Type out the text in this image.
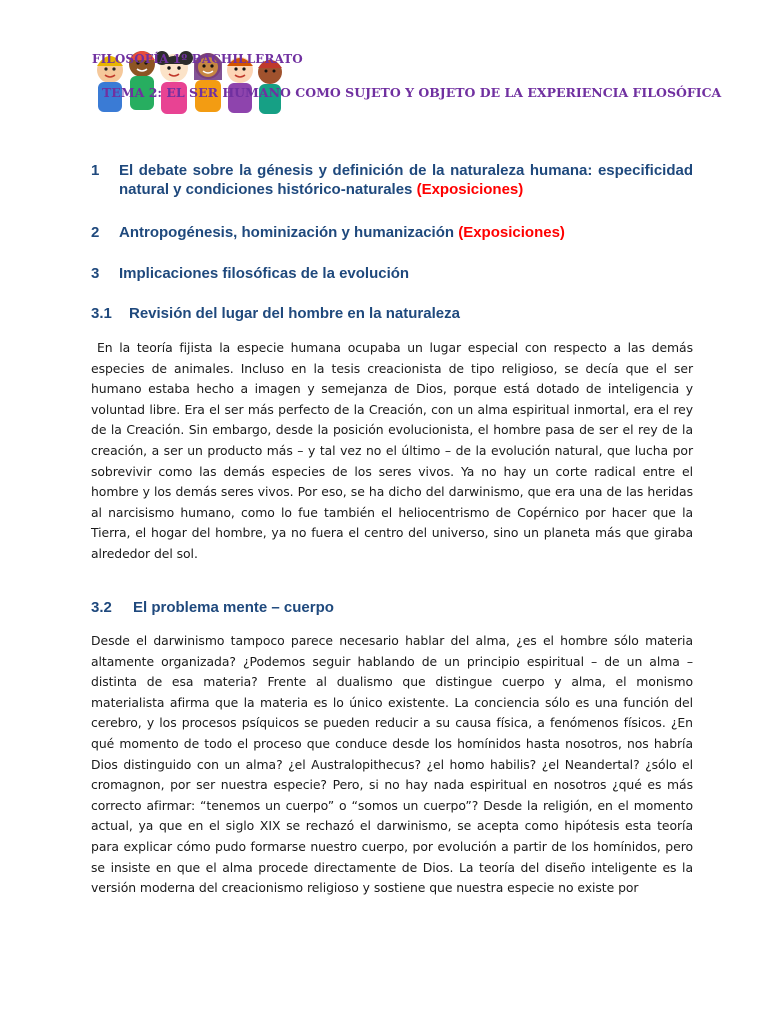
FILOSOFÍA 1º BACHILLERATO
TEMA 2: EL SER HUMANO COMO SUJETO Y OBJETO DE LA EXPERIENCIA FILOSÓFICA
1 El debate sobre la génesis y definición de la naturaleza humana: especificidad natural y condiciones histórico-naturales (Exposiciones)
2 Antropogénesis, hominización y humanización (Exposiciones)
3 Implicaciones filosóficas de la evolución
3.1 Revisión del lugar del hombre en la naturaleza
En la teoría fijista la especie humana ocupaba un lugar especial con respecto a las demás especies de animales. Incluso en la tesis creacionista de tipo religioso, se decía que el ser humano estaba hecho a imagen y semejanza de Dios, porque está dotado de inteligencia y voluntad libre. Era el ser más perfecto de la Creación, con un alma espiritual inmortal, era el rey de la Creación. Sin embargo, desde la posición evolucionista, el hombre pasa de ser el rey de la creación, a ser un producto más – y tal vez no el último – de la evolución natural, que lucha por sobrevivir como las demás especies de los seres vivos. Ya no hay un corte radical entre el hombre y los demás seres vivos. Por eso, se ha dicho del darwinismo, que era una de las heridas al narcisismo humano, como lo fue también el heliocentrismo de Copérnico por hacer que la Tierra, el hogar del hombre, ya no fuera el centro del universo, sino un planeta más que giraba alrededor del sol.
3.2 El problema mente – cuerpo
Desde el darwinismo tampoco parece necesario hablar del alma, ¿es el hombre sólo materia altamente organizada? ¿Podemos seguir hablando de un principio espiritual – de un alma – distinta de esa materia? Frente al dualismo que distingue cuerpo y alma, el monismo materialista afirma que la materia es lo único existente. La conciencia sólo es una función del cerebro, y los procesos psíquicos se pueden reducir a su causa física, a fenómenos físicos. ¿En qué momento de todo el proceso que conduce desde los homínidos hasta nosotros, nos habría Dios distinguido con un alma? ¿el Australopithecus? ¿el homo habilis? ¿el Neandertal? ¿sólo el cromagnon, por ser nuestra especie? Pero, si no hay nada espiritual en nosotros ¿qué es más correcto afirmar: “tenemos un cuerpo” o “somos un cuerpo”? Desde la religión, en el momento actual, ya que en el siglo XIX se rechazó el darwinismo, se acepta como hipótesis esta teoría para explicar cómo pudo formarse nuestro cuerpo, por evolución a partir de los homínidos, pero se insiste en que el alma procede directamente de Dios. La teoría del diseño inteligente es la versión moderna del creacionismo religioso y sostiene que nuestra especie no existe por
